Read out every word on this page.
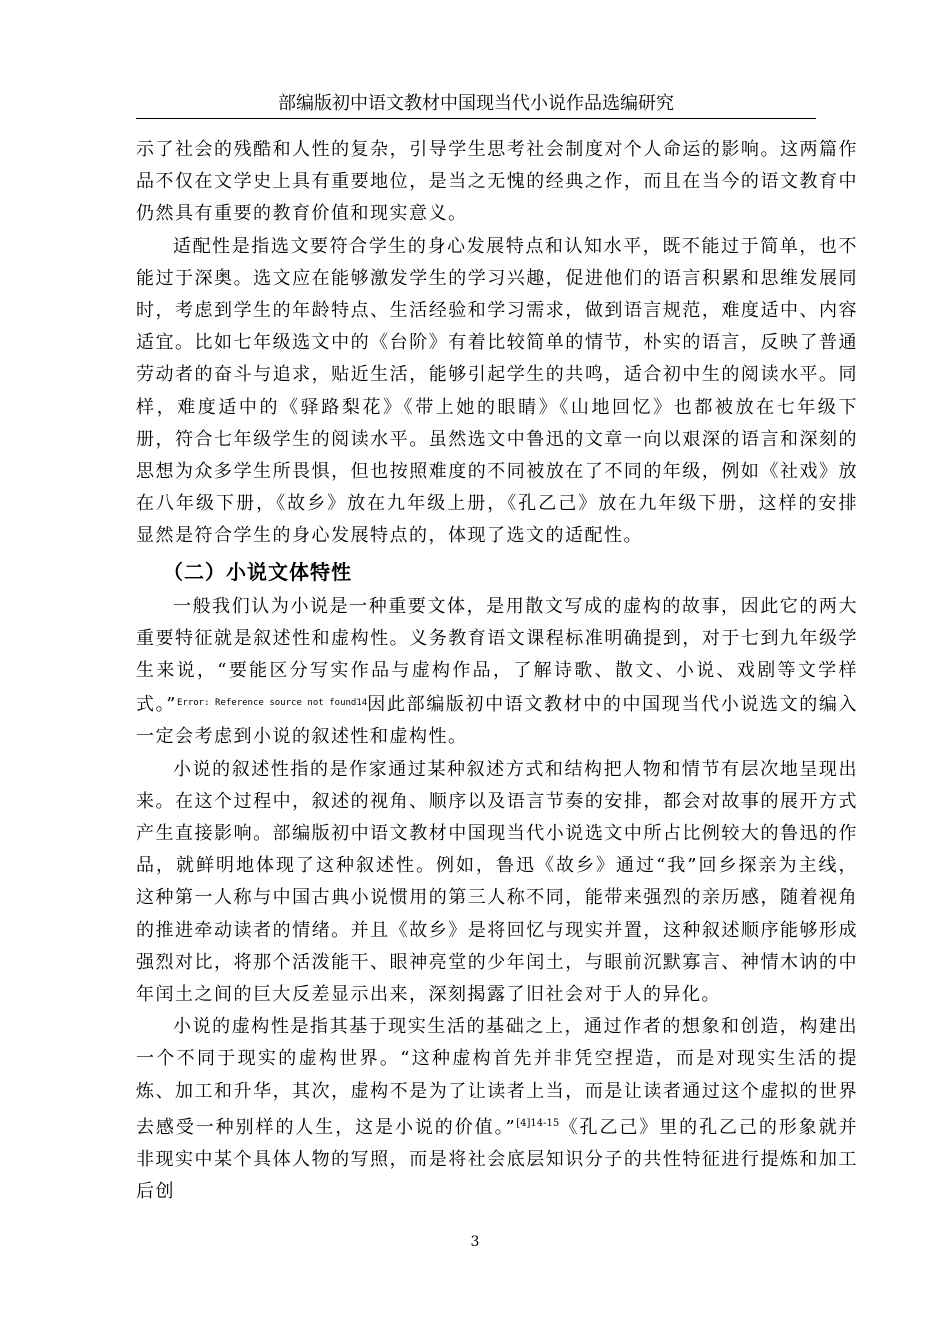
部编版初中语文教材中国现当代小说作品选编研究

示了社会的残酷和人性的复杂，引导学生思考社会制度对个人命运的影响。这两篇作品不仅在文学史上具有重要地位，是当之无愧的经典之作，而且在当今的语文教育中仍然具有重要的教育价值和现实意义。

适配性是指选文要符合学生的身心发展特点和认知水平，既不能过于简单，也不能过于深奥。选文应在能够激发学生的学习兴趣，促进他们的语言积累和思维发展同时，考虑到学生的年龄特点、生活经验和学习需求，做到语言规范，难度适中、内容适宜。比如七年级选文中的《台阶》有着比较简单的情节，朴实的语言，反映了普通劳动者的奋斗与追求，贴近生活，能够引起学生的共鸣，适合初中生的阅读水平。同样，难度适中的《驿路梨花》《带上她的眼睛》《山地回忆》也都被放在七年级下册，符合七年级学生的阅读水平。虽然选文中鲁迅的文章一向以艰深的语言和深刻的思想为众多学生所畏惧，但也按照难度的不同被放在了不同的年级，例如《社戏》放在八年级下册，《故乡》放在九年级上册，《孔乙己》放在九年级下册，这样的安排显然是符合学生的身心发展特点的，体现了选文的适配性。

（二）小说文体特性

一般我们认为小说是一种重要文体，是用散文写成的虚构的故事，因此它的两大重要特征就是叙述性和虚构性。义务教育语文课程标准明确提到，对于七到九年级学生来说，“要能区分写实作品与虚构作品，了解诗歌、散文、小说、戏剧等文学样式。”$^{Error: Reference source not found14}$因此部编版初中语文教材中的中国现当代小说选文的编入一定会考虑到小说的叙述性和虚构性。

小说的叙述性指的是作家通过某种叙述方式和结构把人物和情节有层次地呈现出来。在这个过程中，叙述的视角、顺序以及语言节奏的安排，都会对故事的展开方式产生直接影响。部编版初中语文教材中国现当代小说选文中所占比例较大的鲁迅的作品，就鲜明地体现了这种叙述性。例如，鲁迅《故乡》通过“我”回乡探亲为主线，这种第一人称与中国古典小说惯用的第三人称不同，能带来强烈的亲历感，随着视角的推进牵动读者的情绪。并且《故乡》是将回忆与现实并置，这种叙述顺序能够形成强烈对比，将那个活泼能干、眼神亮堂的少年闰土，与眼前沉默寡言、神情木讷的中年闰土之间的巨大反差显示出来，深刻揭露了旧社会对于人的异化。

小说的虚构性是指其基于现实生活的基础之上，通过作者的想象和创造，构建出一个不同于现实的虚构世界。“这种虚构首先并非凭空捏造，而是对现实生活的提炼、加工和升华，其次，虚构不是为了让读者上当，而是让读者通过这个虚拟的世界去感受一种别样的人生，这是小说的价值。”$^{[4]14-15}$《孔乙己》里的孔乙己的形象就并非现实中某个具体人物的写照，而是将社会底层知识分子的共性特征进行提炼和加工后创

3
